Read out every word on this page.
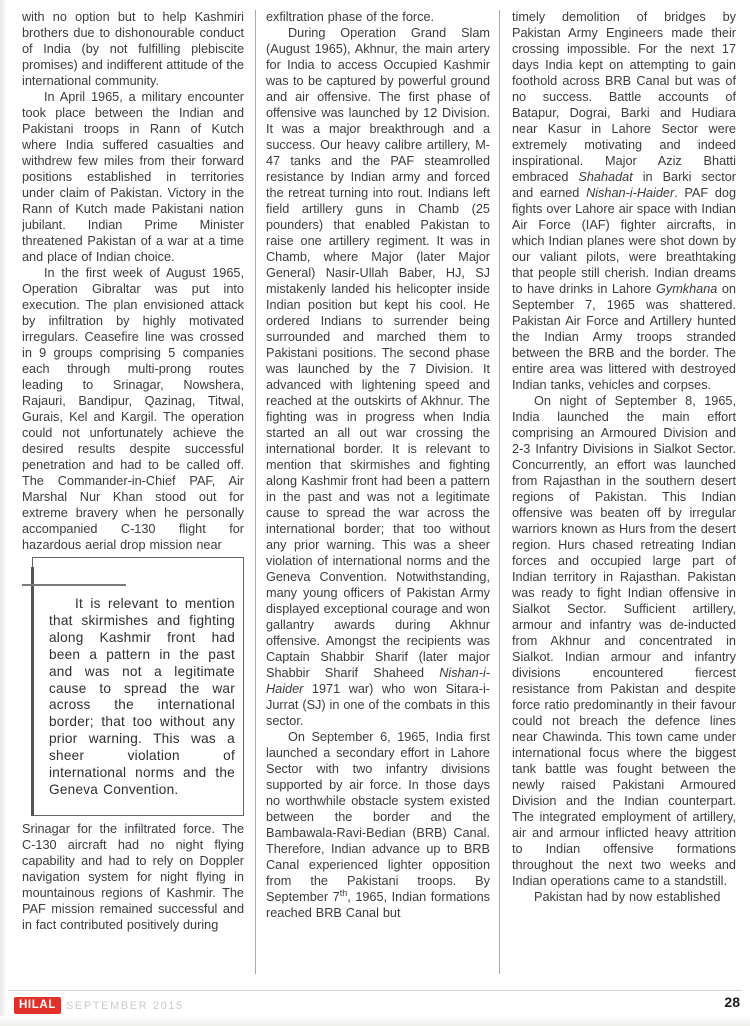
with no option but to help Kashmiri brothers due to dishonourable conduct of India (by not fulfilling plebiscite promises) and indifferent attitude of the international community.

In April 1965, a military encounter took place between the Indian and Pakistani troops in Rann of Kutch where India suffered casualties and withdrew few miles from their forward positions established in territories under claim of Pakistan. Victory in the Rann of Kutch made Pakistani nation jubilant. Indian Prime Minister threatened Pakistan of a war at a time and place of Indian choice.

In the first week of August 1965, Operation Gibraltar was put into execution. The plan envisioned attack by infiltration by highly motivated irregulars. Ceasefire line was crossed in 9 groups comprising 5 companies each through multi-prong routes leading to Srinagar, Nowshera, Rajauri, Bandipur, Qazinag, Titwal, Gurais, Kel and Kargil. The operation could not unfortunately achieve the desired results despite successful penetration and had to be called off. The Commander-in-Chief PAF, Air Marshal Nur Khan stood out for extreme bravery when he personally accompanied C-130 flight for hazardous aerial drop mission near

It is relevant to mention that skirmishes and fighting along Kashmir front had been a pattern in the past and was not a legitimate cause to spread the war across the international border; that too without any prior warning. This was a sheer violation of international norms and the Geneva Convention.

Srinagar for the infiltrated force. The C-130 aircraft had no night flying capability and had to rely on Doppler navigation system for night flying in mountainous regions of Kashmir. The PAF mission remained successful and in fact contributed positively during

exfiltration phase of the force.

During Operation Grand Slam (August 1965), Akhnur, the main artery for India to access Occupied Kashmir was to be captured by powerful ground and air offensive. The first phase of offensive was launched by 12 Division. It was a major breakthrough and a success. Our heavy calibre artillery, M-47 tanks and the PAF steamrolled resistance by Indian army and forced the retreat turning into rout. Indians left field artillery guns in Chamb (25 pounders) that enabled Pakistan to raise one artillery regiment. It was in Chamb, where Major (later Major General) Nasir-Ullah Baber, HJ, SJ mistakenly landed his helicopter inside Indian position but kept his cool. He ordered Indians to surrender being surrounded and marched them to Pakistani positions. The second phase was launched by the 7 Division. It advanced with lightening speed and reached at the outskirts of Akhnur. The fighting was in progress when India started an all out war crossing the international border. It is relevant to mention that skirmishes and fighting along Kashmir front had been a pattern in the past and was not a legitimate cause to spread the war across the international border; that too without any prior warning. This was a sheer violation of international norms and the Geneva Convention. Notwithstanding, many young officers of Pakistan Army displayed exceptional courage and won gallantry awards during Akhnur offensive. Amongst the recipients was Captain Shabbir Sharif (later major Shabbir Sharif Shaheed Nishan-i-Haider 1971 war) who won Sitara-i-Jurrat (SJ) in one of the combats in this sector.

On September 6, 1965, India first launched a secondary effort in Lahore Sector with two infantry divisions supported by air force. In those days no worthwhile obstacle system existed between the border and the Bambawala-Ravi-Bedian (BRB) Canal. Therefore, Indian advance up to BRB Canal experienced lighter opposition from the Pakistani troops. By September 7th, 1965, Indian formations reached BRB Canal but

timely demolition of bridges by Pakistan Army Engineers made their crossing impossible. For the next 17 days India kept on attempting to gain foothold across BRB Canal but was of no success. Battle accounts of Batapur, Dograi, Barki and Hudiara near Kasur in Lahore Sector were extremely motivating and indeed inspirational. Major Aziz Bhatti embraced Shahadat in Barki sector and earned Nishan-i-Haider. PAF dog fights over Lahore air space with Indian Air Force (IAF) fighter aircrafts, in which Indian planes were shot down by our valiant pilots, were breathtaking that people still cherish. Indian dreams to have drinks in Lahore Gymkhana on September 7, 1965 was shattered. Pakistan Air Force and Artillery hunted the Indian Army troops stranded between the BRB and the border. The entire area was littered with destroyed Indian tanks, vehicles and corpses.

On night of September 8, 1965, India launched the main effort comprising an Armoured Division and 2-3 Infantry Divisions in Sialkot Sector. Concurrently, an effort was launched from Rajasthan in the southern desert regions of Pakistan. This Indian offensive was beaten off by irregular warriors known as Hurs from the desert region. Hurs chased retreating Indian forces and occupied large part of Indian territory in Rajasthan. Pakistan was ready to fight Indian offensive in Sialkot Sector. Sufficient artillery, armour and infantry was de-inducted from Akhnur and concentrated in Sialkot. Indian armour and infantry divisions encountered fiercest resistance from Pakistan and despite force ratio predominantly in their favour could not breach the defence lines near Chawinda. This town came under international focus where the biggest tank battle was fought between the newly raised Pakistani Armoured Division and the Indian counterpart. The integrated employment of artillery, air and armour inflicted heavy attrition to Indian offensive formations throughout the next two weeks and Indian operations came to a standstill.

Pakistan had by now established

HILAL SEPTEMBER 2015	28
